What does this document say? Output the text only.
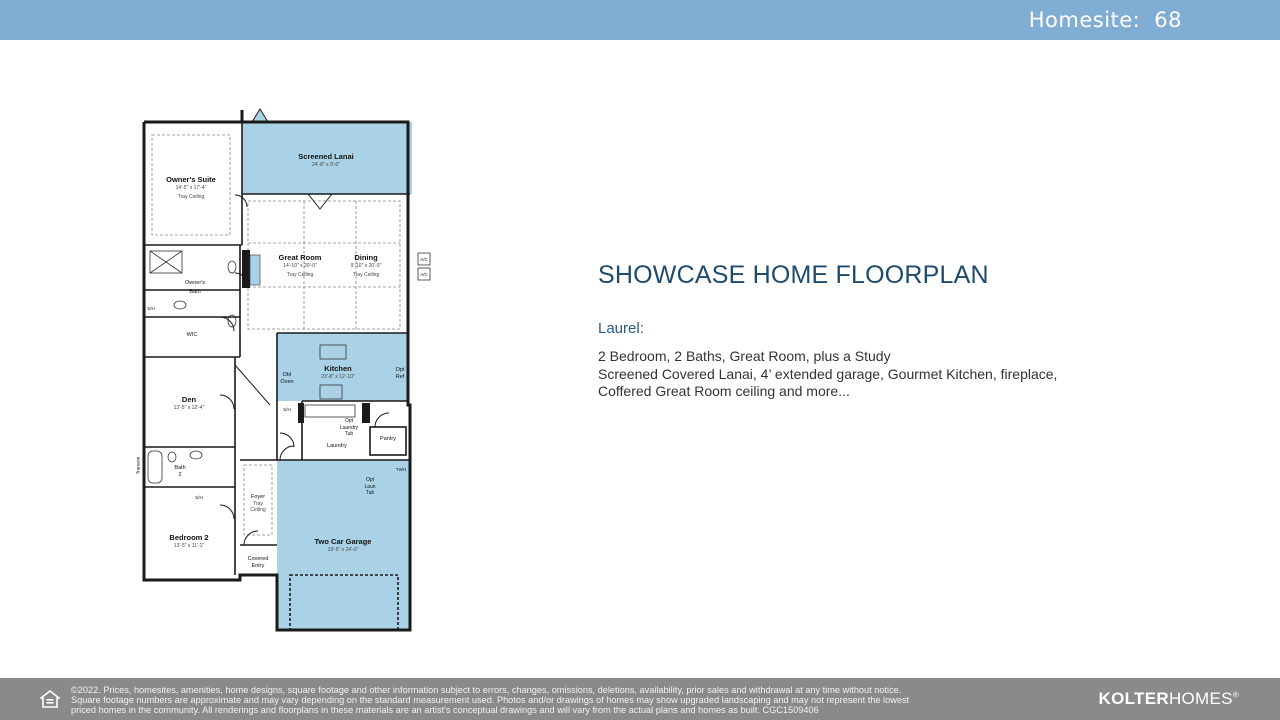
Homesite: 68
Screened Lanai
24'-8" x 9'-6"
Owner's Suite
14'-5" x 17'-4"
Tray Ceiling
Great Room
14'-10" x 20'-0"
Tray Ceiling
Dining
9'-10" x 20'-0"
Tray Ceiling
Owner's
Bath
WIC
Kitchen
23'-8" x 12'-10"
Dbl
Oven
Opt
Ref
Den
13'-5" x 12'-4"
Opt
Laundry
Tub
Laundry
Pantry
Bath
2
Transom
Foyer
Tray
Ceiling
Opt
Laun
Tub
TWH
Bedroom 2
13'-5" x 11'-1"	Two Car Garage
19'-5" x 24'-0"
Covered
Entry
A/C
A/C
S/H
S/H
S/H
SHOWCASE HOME FLOORPLAN
Laurel:
2 Bedroom, 2 Baths, Great Room, plus a Study
Screened Covered Lanai, 4’ extended garage, Gourmet Kitchen, fireplace,
Coffered Great Room ceiling and more...
©2022. Prices, homesites, amenities, home designs, square footage and other information subject to errors, changes, omissions, deletions, availability, prior sales and withdrawal at any time without notice.
Square footage numbers are approximate and may vary depending on the standard measurement used. Photos and/or drawings of homes may show upgraded landscaping and may not represent the lowest
priced homes in the community. All renderings and floorplans in these materials are an artist's conceptual drawings and will vary from the actual plans and homes as built. CGC1509406
KOLTERHOMES®
